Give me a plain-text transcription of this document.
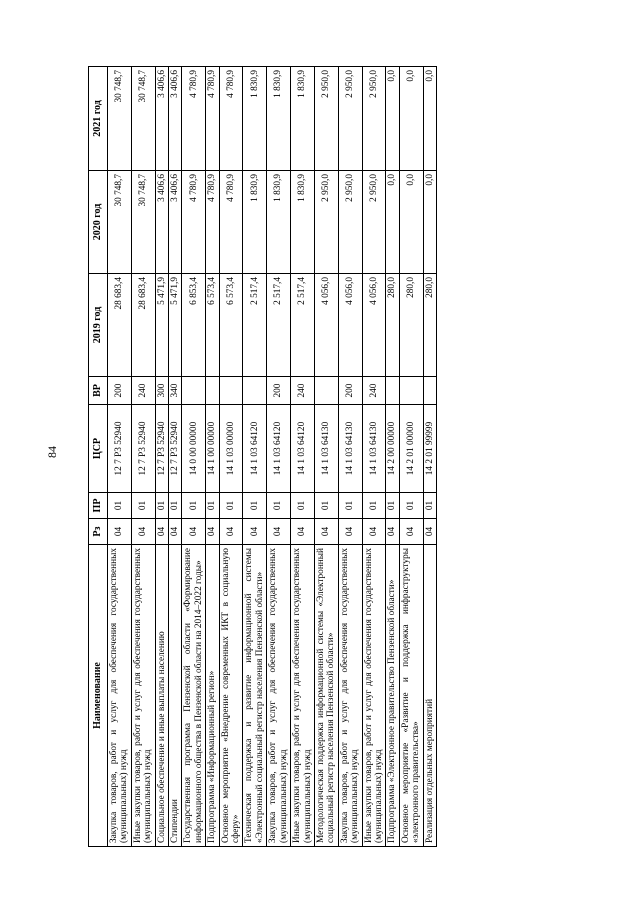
84
Наименование	Рз	ПР	ЦСР	ВР	2019 год	2020 год	2021 год
Закупка товаров, работ и услуг для обеспечения государственных (муниципальных) нужд	04	01	12 7 P3 52940	200	28 683,4	30 748,7	30 748,7
Иные закупки товаров, работ и услуг для обеспечения государственных (муниципальных) нужд	04	01	12 7 P3 52940	240	28 683,4	30 748,7	30 748,7
Социальное обеспечение и иные выплаты населению	04	01	12 7 P3 52940	300	5 471,9	3 406,6	3 406,6
Стипендии	04	01	12 7 P3 52940	340	5 471,9	3 406,6	3 406,6
Государственная программа Пензенской области «Формирование информационного общества в Пензенской области на 2014–2022 годы»	04	01	14 0 00 00000		6 853,4	4 780,9	4 780,9
Подпрограмма «Информационный регион»	04	01	14 1 00 00000		6 573,4	4 780,9	4 780,9
Основное мероприятие «Внедрение современных ИКТ в социальную сферу»	04	01	14 1 03 00000		6 573,4	4 780,9	4 780,9
Техническая поддержка и развитие информационной системы «Электронный социальный регистр населения Пензенской области»	04	01	14 1 03 64120		2 517,4	1 830,9	1 830,9
Закупка товаров, работ и услуг для обеспечения государственных (муниципальных) нужд	04	01	14 1 03 64120	200	2 517,4	1 830,9	1 830,9
Иные закупки товаров, работ и услуг для обеспечения государственных (муниципальных) нужд	04	01	14 1 03 64120	240	2 517,4	1 830,9	1 830,9
Методологическая поддержка информационной системы «Электронный социальный регистр населения Пензенской области»	04	01	14 1 03 64130		4 056,0	2 950,0	2 950,0
Закупка товаров, работ и услуг для обеспечения государственных (муниципальных) нужд	04	01	14 1 03 64130	200	4 056,0	2 950,0	2 950,0
Иные закупки товаров, работ и услуг для обеспечения государственных (муниципальных) нужд	04	01	14 1 03 64130	240	4 056,0	2 950,0	2 950,0
Подпрограмма «Электронное правительство Пензенской области»	04	01	14 2 00 00000		280,0	0,0	0,0
Основное мероприятие «Развитие и поддержка инфраструктуры «электронного правительства»	04	01	14 2 01 00000		280,0	0,0	0,0
Реализация отдельных мероприятий	04	01	14 2 01 99999		280,0	0,0	0,0
